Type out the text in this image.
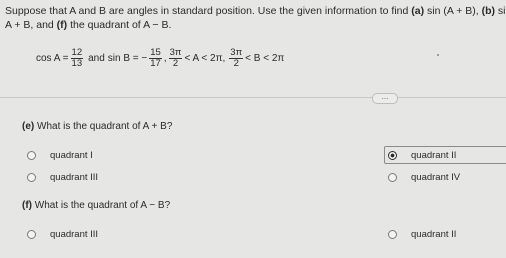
Suppose that A and B are angles in standard position. Use the given information to find (a) sin (A + B), (b) si
A + B, and (f) the quadrant of A − B.
$\cos A = \frac{12}{13}$ and sin B = − $\frac{15}{17}$ , $\frac{3\pi}{2} < A < 2\pi$, $\frac{3\pi}{2} < B < 2\pi$
...
(e) What is the quadrant of A + B?
quadrant I	quadrant II
quadrant III	quadrant IV
(f) What is the quadrant of A − B?
quadrant III	quadrant II
